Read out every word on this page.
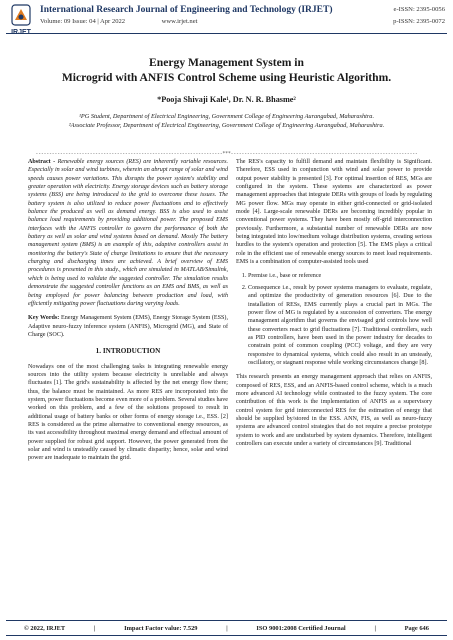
IRJET
International Research Journal of Engineering and Technology (IRJET)
Volume: 09 Issue: 04 | Apr 2022	www.irjet.net
e-ISSN: 2395-0056
p-ISSN: 2395-0072
Energy Management System in
Microgrid with ANFIS Control Scheme using Heuristic Algorithm.
*Pooja Shivaji Kale¹, Dr. N. R. Bhasme²
¹PG Student, Department of Electrical Engineering, Government College of Engineering Aurangabad, Maharashtra.
²Associate Professor, Department of Electrical Engineering, Government College of Engineering Aurangabad, Maharashtra.
---------------------------------------------------------------------***---------------------------------------------------------------------

Abstract - Renewable energy sources (RES) are inherently variable resources. Especially in solar and wind turbines, wherein an abrupt range of solar and wind speeds causes power variations. This disrupts the power system's stability and greater operation with electricity. Energy storage devices such as battery storage systems (BSS) are being introduced to the grid to overcome these issues. The battery system is also utilized to reduce power fluctuations and to effectively balance the produced as well as demand energy. BSS is also used to assist balance load requirements by providing additional power. The proposed EMS interfaces with the ANFIS controller to govern the performance of both the battery as well as solar and wind systems based on demand. Mostly The battery management system (BMS) is an example of this, adaptive controllers assist in monitoring the battery's State of charge limitations to ensure that the necessary charging and discharging times are achieved. A brief overview of EMS procedures is presented in this study., which are simulated in MATLAB/Simulink, which is being used to validate the suggested controller. The simulation results demonstrate the suggested controller functions as an EMS and BMS, as well as being employed for power balancing between production and load, with efficiently mitigating power fluctuations during varying loads.

Key Words: Energy Management System (EMS), Energy Storage System (ESS), Adaptive neuro-fuzzy inference system (ANFIS), Microgrid (MG), and State of Charge (SOC).

1. INTRODUCTION

Nowadays one of the most challenging tasks is integrating renewable energy sources into the utility system because electricity is unreliable and always fluctuates [1]. The grid's sustainability is affected by the net energy flow there; thus, the balance must be maintained. As more RES are incorporated into the system, power fluctuations become even more of a problem. Several studies have worked on this problem, and a few of the solutions proposed to result in additional usage of battery banks or other forms of energy storage i.e., ESS. [2] RES is considered as the prime alternative to conventional energy resources, as its vast accessibility throughout maximal energy demand and effectual amount of power supplied for robust grid support. However, the power generated from the solar and wind is unsteadily caused by climatic disparity; hence, solar and wind power are inadequate to maintain the grid.

The RES's capacity to fulfill demand and maintain flexibility is Significant. Therefore, ESS used in conjunction with wind and solar power to provide output power stability is presented [3]. For optimal insertion of RES, MGs are configured in the system. These systems are characterized as power management approaches that integrate DERs with groups of loads by regulating MG power flow. MGs may operate in either grid-connected or grid-isolated mode [4]. Large-scale renewable DERs are becoming incredibly popular in conventional power systems. They have been mostly off-grid interconnection previously. Furthermore, a substantial number of renewable DERs are now being integrated into low/medium voltage distribution systems, creating serious hurdles to the system's operation and protection [5]. The EMS plays a critical role in the efficient use of renewable energy sources to meet load requirements. EMS is a combination of computer-assisted tools used

1. Premise i.e., base or reference
2. Consequence i.e., result by power systems managers to evaluate, regulate, and optimize the productivity of generation resources [6]. Due to the installation of RESs, EMS currently plays a crucial part in MGs. The power flow of MG is regulated by a succession of converters. The energy management algorithm that governs the envisaged grid controls how well these converters react to grid fluctuations [7]. Traditional controllers, such as PID controllers, have been used in the power industry for decades to constrain point of common coupling (PCC) voltage, and they are very responsive to dynamical systems, which could also result in an unsteady, oscillatory, or stagnant response while working circumstances change [8].

This research presents an energy management approach that relies on ANFIS, composed of RES, ESS, and an ANFIS-based control scheme, which is a much more advanced AI technology while contrasted to the fuzzy system. The core contribution of this work is the implementation of ANFIS as a supervisory control system for grid interconnected RES for the estimation of energy that should be supplied by/stored in the ESS. ANN, FIS, as well as neuro-fuzzy systems are advanced control strategies that do not require a precise prototype system to work and are undisturbed by system dynamics. Therefore, intelligent controllers can execute under a variety of circumstances [9]. Traditional

© 2022, IRJET	|	Impact Factor value: 7.529	|	ISO 9001:2008 Certified Journal	|	Page 646
